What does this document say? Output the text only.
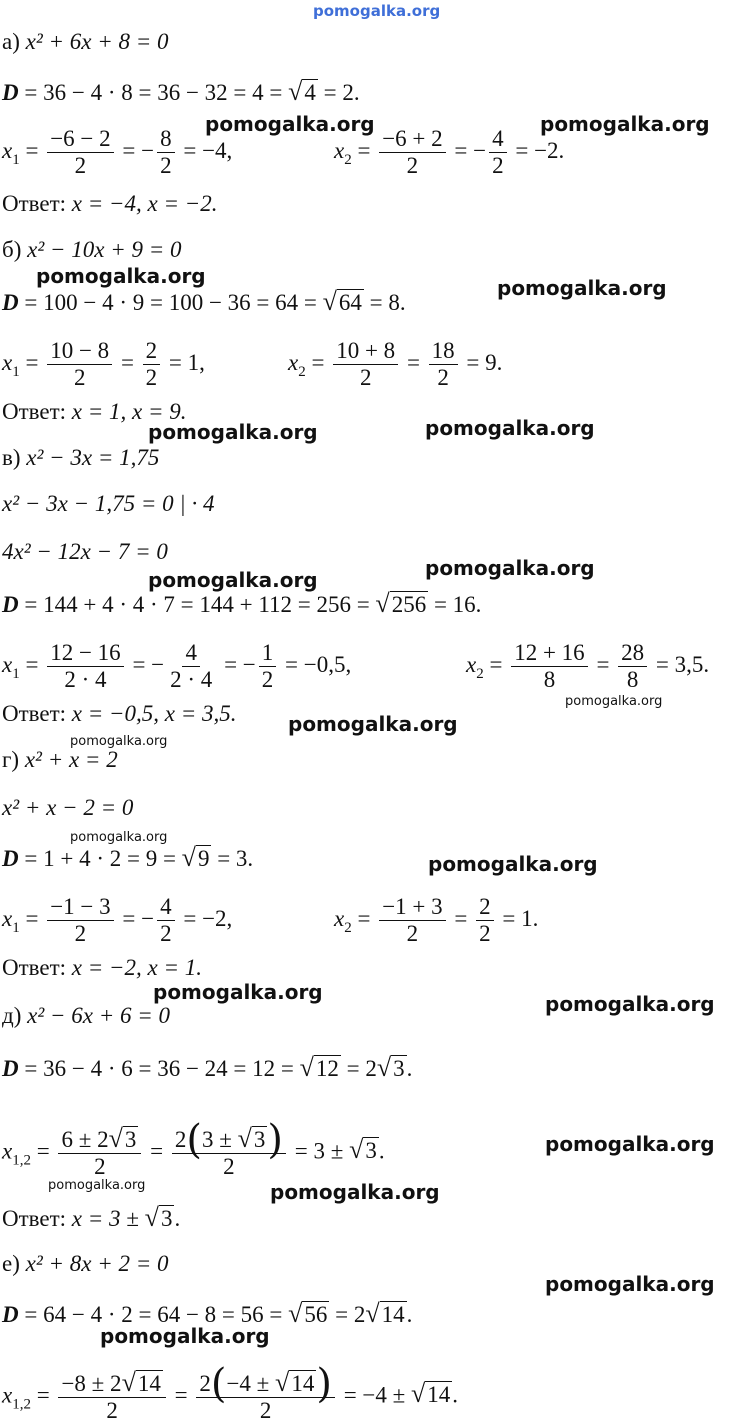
pomogalka.org
а) x² + 6x + 8 = 0
D = 36 − 4 · 8 = 36 − 32 = 4 = √4 = 2.
$x_1 = \frac{-6 - 2}{2}$ = − $\frac{8}{2} = -4$,	$x_2 = \frac{-6 + 2}{2}$ = − $\frac{4}{2} = -2$.
Ответ: x = −4, x = −2.
б) x² − 10x + 9 = 0
D = 100 − 4 · 9 = 100 − 36 = 64 = √64 = 8.
$x_1 = \frac{10 - 8}{2} = \frac{2}{2} = 1$,	$x_2 = \frac{10 + 8}{2} = \frac{18}{2} = 9$.
Ответ: x = 1, x = 9.
в) x² − 3x = 1,75
x² − 3x − 1,75 = 0 | · 4
4x² − 12x − 7 = 0
D = 144 + 4 · 4 · 7 = 144 + 112 = 256 = √256 = 16.
$x_1 = \frac{12 - 16}{2 \cdot 4}$ = − $\frac{4}{2 \cdot 4}$ = − $\frac{1}{2} = -0,5$,	$x_2 = \frac{12 + 16}{8} = \frac{28}{8} = 3,5$.
Ответ: x = −0,5, x = 3,5.
г) x² + x = 2
x² + x − 2 = 0
D = 1 + 4 · 2 = 9 = √9 = 3.
$x_1 = \frac{-1 - 3}{2}$ = − $\frac{4}{2} = -2$,	$x_2 = \frac{-1 + 3}{2} = \frac{2}{2} = 1$.
Ответ: x = −2, x = 1.
д) x² − 6x + 6 = 0
D = 36 − 4 · 6 = 36 − 24 = 12 = √12 = 2√3.
$x_{1,2} = \frac{6 \pm 2√3}{2} = \frac{2(3 \pm √3)}{2} = 3 \pm √3$.
Ответ: x = 3 ± √3.
е) x² + 8x + 2 = 0
D = 64 − 4 · 2 = 64 − 8 = 56 = √56 = 2√14.
$x_{1,2} = \frac{-8 \pm 2√14}{2} = \frac{2(-4 \pm √14)}{2} = -4 \pm √14$.
pomogalka.org	pomogalka.org
pomogalka.org	pomogalka.org
pomogalka.org	pomogalka.org
pomogalka.org	pomogalka.org
pomogalka.org
pomogalka.org
pomogalka.org
pomogalka.org
pomogalka.org
pomogalka.org	pomogalka.org
pomogalka.org
pomogalka.org	pomogalka.org
pomogalka.org
pomogalka.org
